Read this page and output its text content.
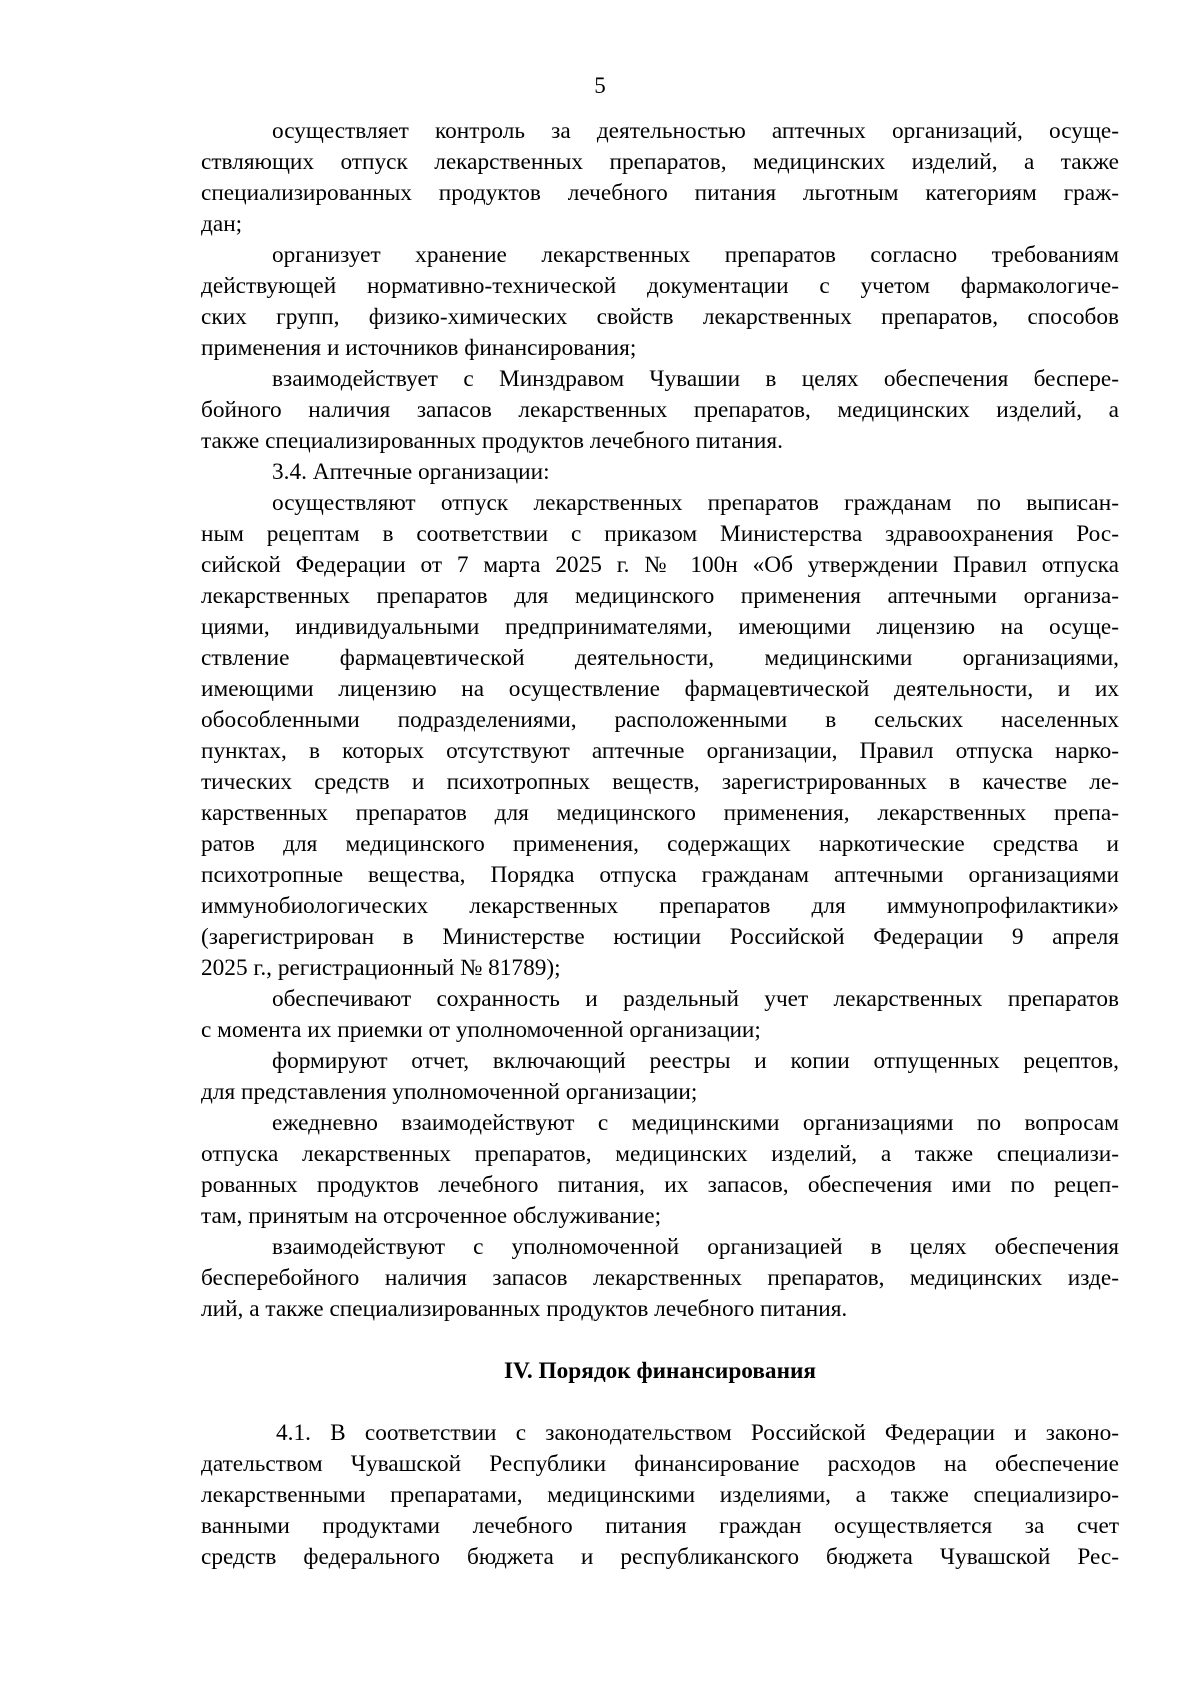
5
осуществляет контроль за деятельностью аптечных организаций, осуще-
ствляющих отпуск лекарственных препаратов, медицинских изделий, а также
специализированных продуктов лечебного питания льготным категориям граж-
дан;
организует хранение лекарственных препаратов согласно требованиям
действующей нормативно-технической документации с учетом фармакологиче-
ских групп, физико-химических свойств лекарственных препаратов, способов
применения и источников финансирования;
взаимодействует с Минздравом Чувашии в целях обеспечения беспере-
бойного наличия запасов лекарственных препаратов, медицинских изделий, а
также специализированных продуктов лечебного питания.
3.4. Аптечные организации:
осуществляют отпуск лекарственных препаратов гражданам по выписан-
ным рецептам в соответствии с приказом Министерства здравоохранения Рос-
сийской Федерации от 7 марта 2025 г. № 100н «Об утверждении Правил отпуска
лекарственных препаратов для медицинского применения аптечными организа-
циями, индивидуальными предпринимателями, имеющими лицензию на осуще-
ствление фармацевтической деятельности, медицинскими организациями,
имеющими лицензию на осуществление фармацевтической деятельности, и их
обособленными подразделениями, расположенными в сельских населенных
пунктах, в которых отсутствуют аптечные организации, Правил отпуска нарко-
тических средств и психотропных веществ, зарегистрированных в качестве ле-
карственных препаратов для медицинского применения, лекарственных препа-
ратов для медицинского применения, содержащих наркотические средства и
психотропные вещества, Порядка отпуска гражданам аптечными организациями
иммунобиологических лекарственных препаратов для иммунопрофилактики»
(зарегистрирован в Министерстве юстиции Российской Федерации 9 апреля
2025 г., регистрационный № 81789);
обеспечивают сохранность и раздельный учет лекарственных препаратов
с момента их приемки от уполномоченной организации;
формируют отчет, включающий реестры и копии отпущенных рецептов,
для представления уполномоченной организации;
ежедневно взаимодействуют с медицинскими организациями по вопросам
отпуска лекарственных препаратов, медицинских изделий, а также специализи-
рованных продуктов лечебного питания, их запасов, обеспечения ими по рецеп-
там, принятым на отсроченное обслуживание;
взаимодействуют с уполномоченной организацией в целях обеспечения
бесперебойного наличия запасов лекарственных препаратов, медицинских изде-
лий, а также специализированных продуктов лечебного питания.
IV. Порядок финансирования
4.1. В соответствии с законодательством Российской Федерации и законо-
дательством Чувашской Республики финансирование расходов на обеспечение
лекарственными препаратами, медицинскими изделиями, а также специализиро-
ванными продуктами лечебного питания граждан осуществляется за счет
средств федерального бюджета и республиканского бюджета Чувашской Рес-
